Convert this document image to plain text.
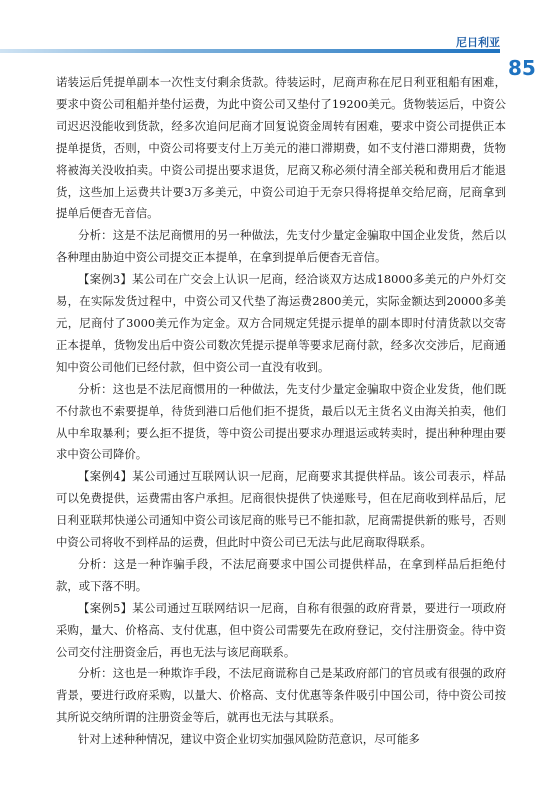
尼日利亚
85

诺装运后凭提单副本一次性支付剩余货款。待装运时，尼商声称在尼日利亚租船有困难，要求中资公司租船并垫付运费，为此中资公司又垫付了19200美元。货物装运后，中资公司迟迟没能收到货款，经多次追问尼商才回复说资金周转有困难，要求中资公司提供正本提单提货，否则，中资公司将要支付上万美元的港口滞期费，如不支付港口滞期费，货物将被海关没收拍卖。中资公司提出要求退货，尼商又称必须付清全部关税和费用后才能退货，这些加上运费共计要3万多美元，中资公司迫于无奈只得将提单交给尼商，尼商拿到提单后便杳无音信。

分析：这是不法尼商惯用的另一种做法，先支付少量定金骗取中国企业发货，然后以各种理由胁迫中资公司提交正本提单，在拿到提单后便杳无音信。

【案例3】某公司在广交会上认识一尼商，经洽谈双方达成18000多美元的户外灯交易，在实际发货过程中，中资公司又代垫了海运费2800美元，实际金额达到20000多美元，尼商付了3000美元作为定金。双方合同规定凭提示提单的副本即时付清货款以交寄正本提单，货物发出后中资公司数次凭提示提单等要求尼商付款，经多次交涉后，尼商通知中资公司他们已经付款，但中资公司一直没有收到。

分析：这也是不法尼商惯用的一种做法，先支付少量定金骗取中资企业发货，他们既不付款也不索要提单，待货到港口后他们拒不提货，最后以无主货名义由海关拍卖，他们从中牟取暴利；要么拒不提货，等中资公司提出要求办理退运或转卖时，提出种种理由要求中资公司降价。

【案例4】某公司通过互联网认识一尼商，尼商要求其提供样品。该公司表示，样品可以免费提供，运费需由客户承担。尼商很快提供了快递账号，但在尼商收到样品后，尼日利亚联邦快递公司通知中资公司该尼商的账号已不能扣款，尼商需提供新的账号，否则中资公司将收不到样品的运费，但此时中资公司已无法与此尼商取得联系。

分析：这是一种诈骗手段，不法尼商要求中国公司提供样品，在拿到样品后拒绝付款，或下落不明。

【案例5】某公司通过互联网结识一尼商，自称有很强的政府背景，要进行一项政府采购，量大、价格高、支付优惠，但中资公司需要先在政府登记，交付注册资金。待中资公司交付注册资金后，再也无法与该尼商联系。

分析：这也是一种欺诈手段，不法尼商谎称自己是某政府部门的官员或有很强的政府背景，要进行政府采购，以量大、价格高、支付优惠等条件吸引中国公司，待中资公司按其所说交纳所谓的注册资金等后，就再也无法与其联系。

针对上述种种情况，建议中资企业切实加强风险防范意识，尽可能多
